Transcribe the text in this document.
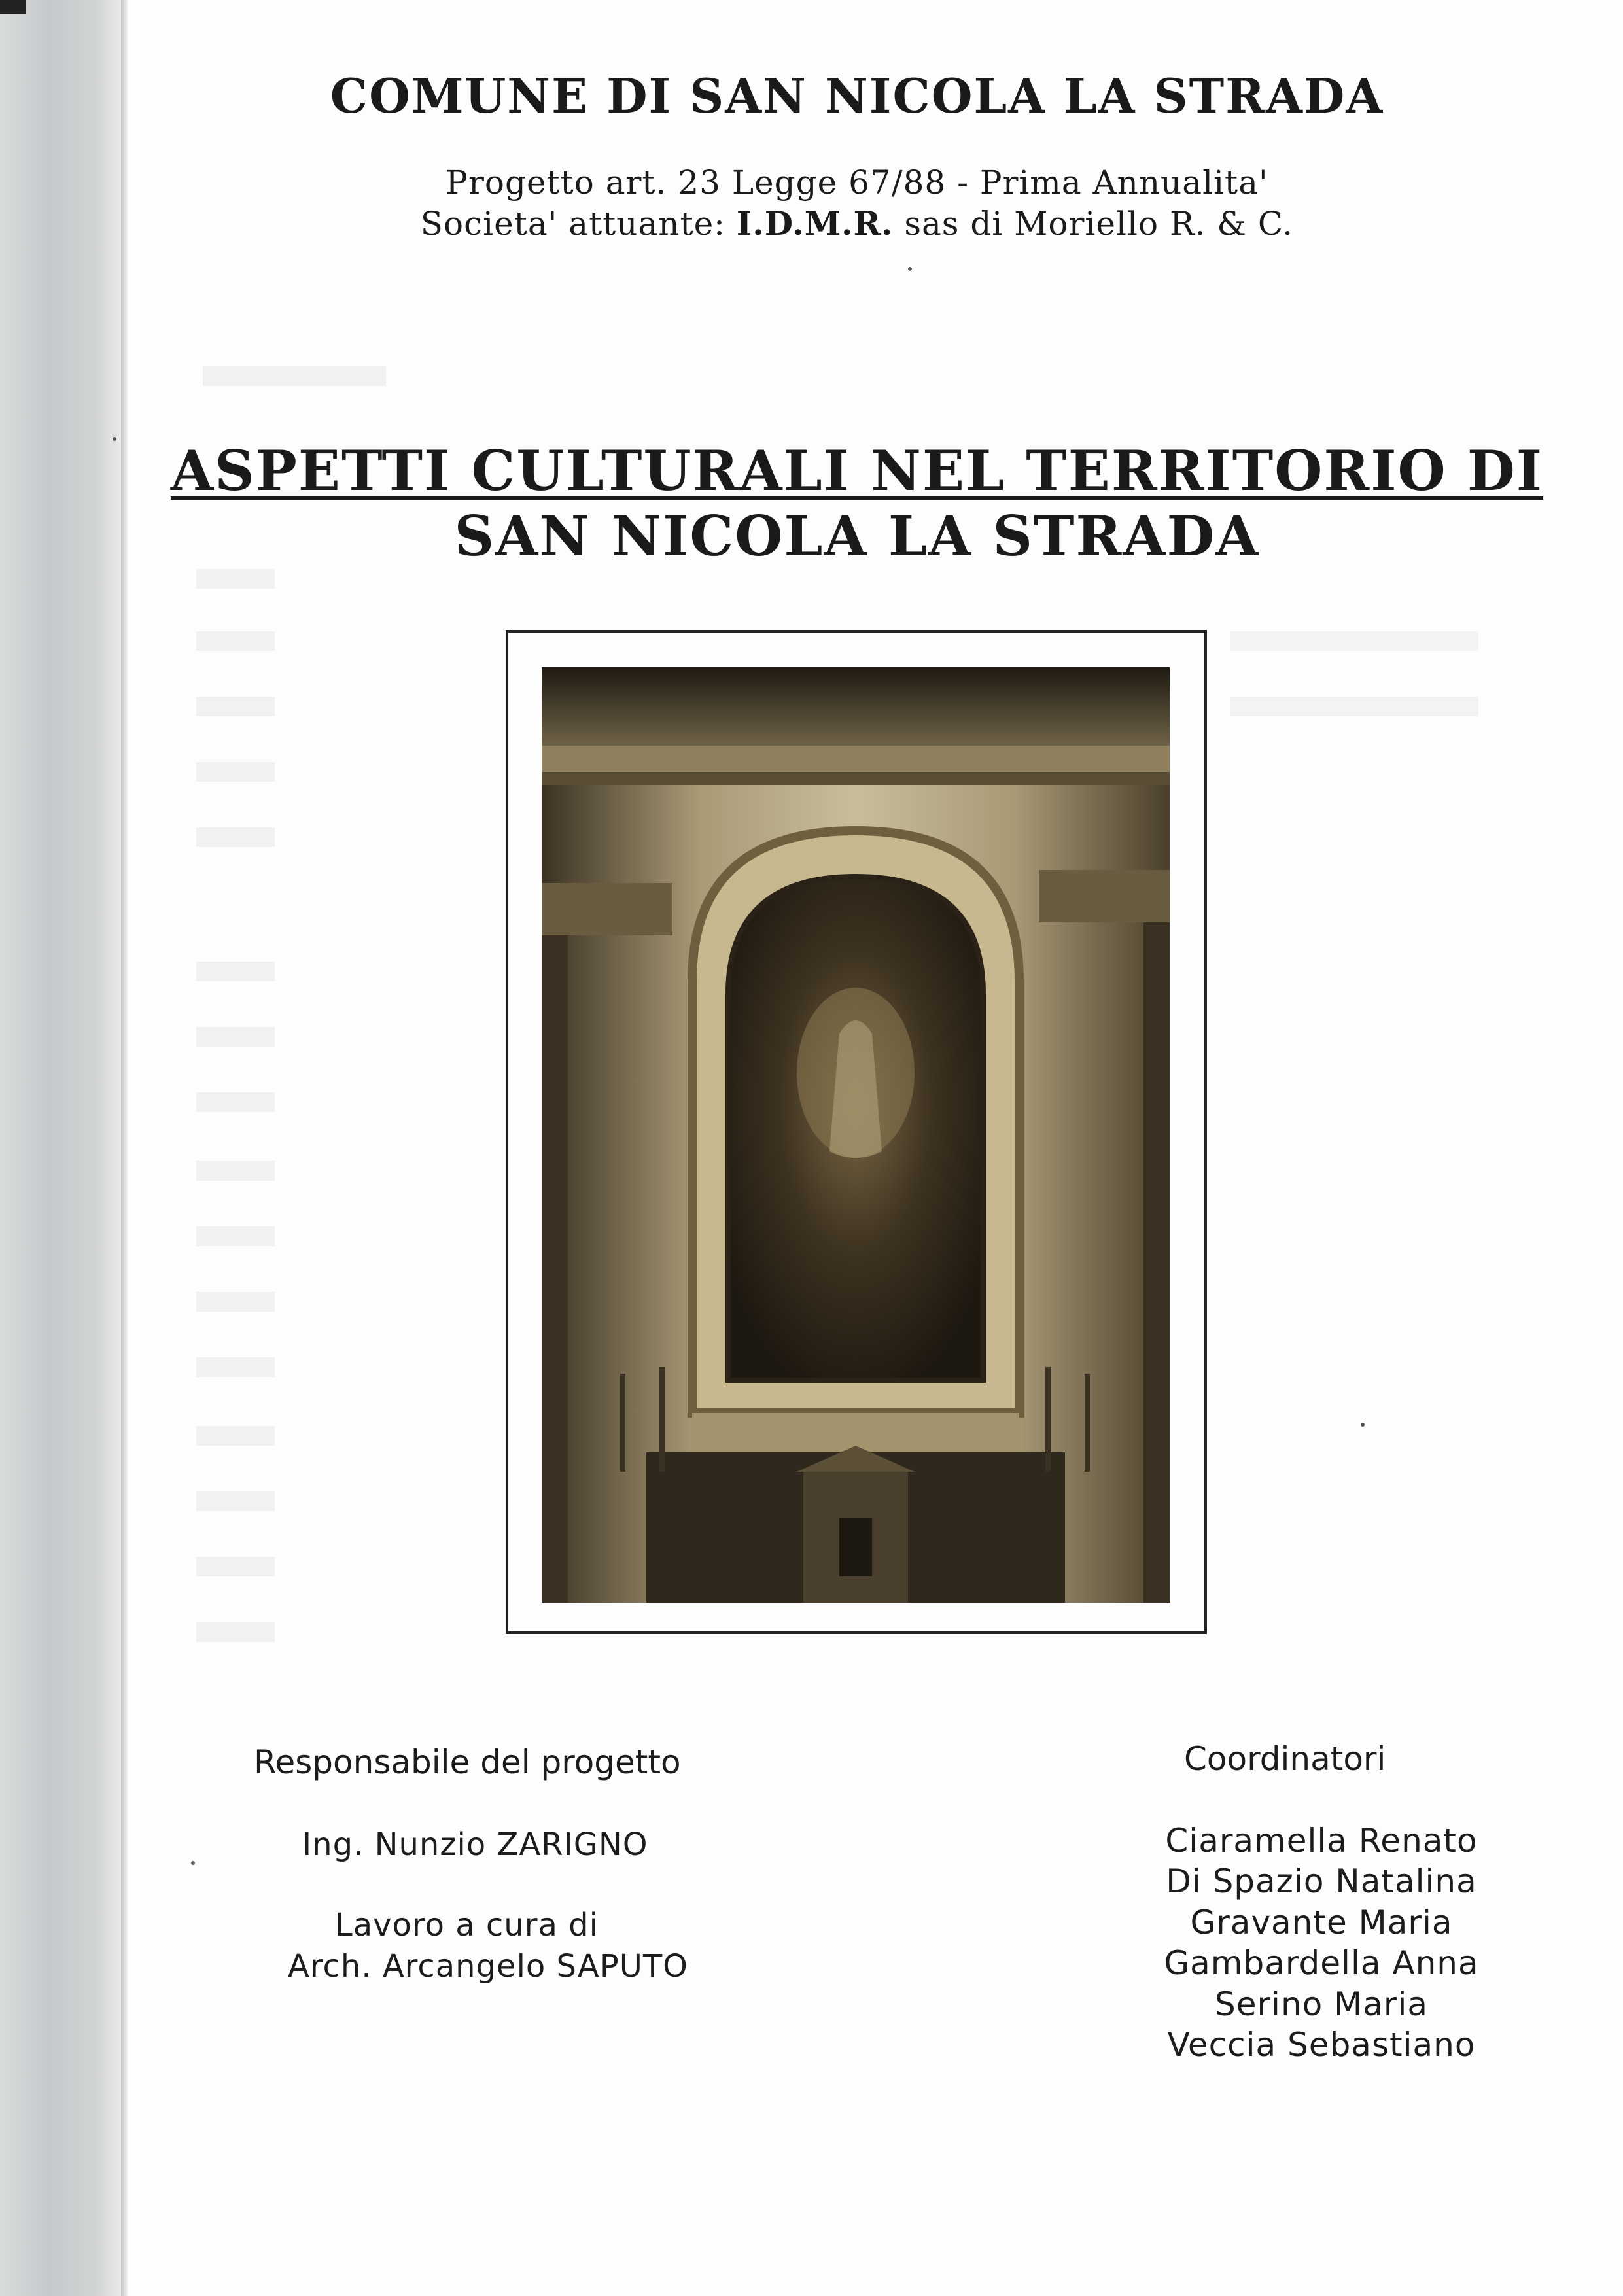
COMUNE DI SAN NICOLA LA STRADA
Progetto art. 23 Legge 67/88 - Prima Annualita'
Societa' attuante: I.D.M.R. sas di Moriello R. & C.
ASPETTI CULTURALI NEL TERRITORIO DI
SAN NICOLA LA STRADA
Responsabile del progetto
Ing. Nunzio ZARIGNO
Lavoro a cura di
Arch. Arcangelo SAPUTO
Coordinatori
Ciaramella Renato
Di Spazio Natalina
Gravante Maria
Gambardella Anna
Serino Maria
Veccia Sebastiano
